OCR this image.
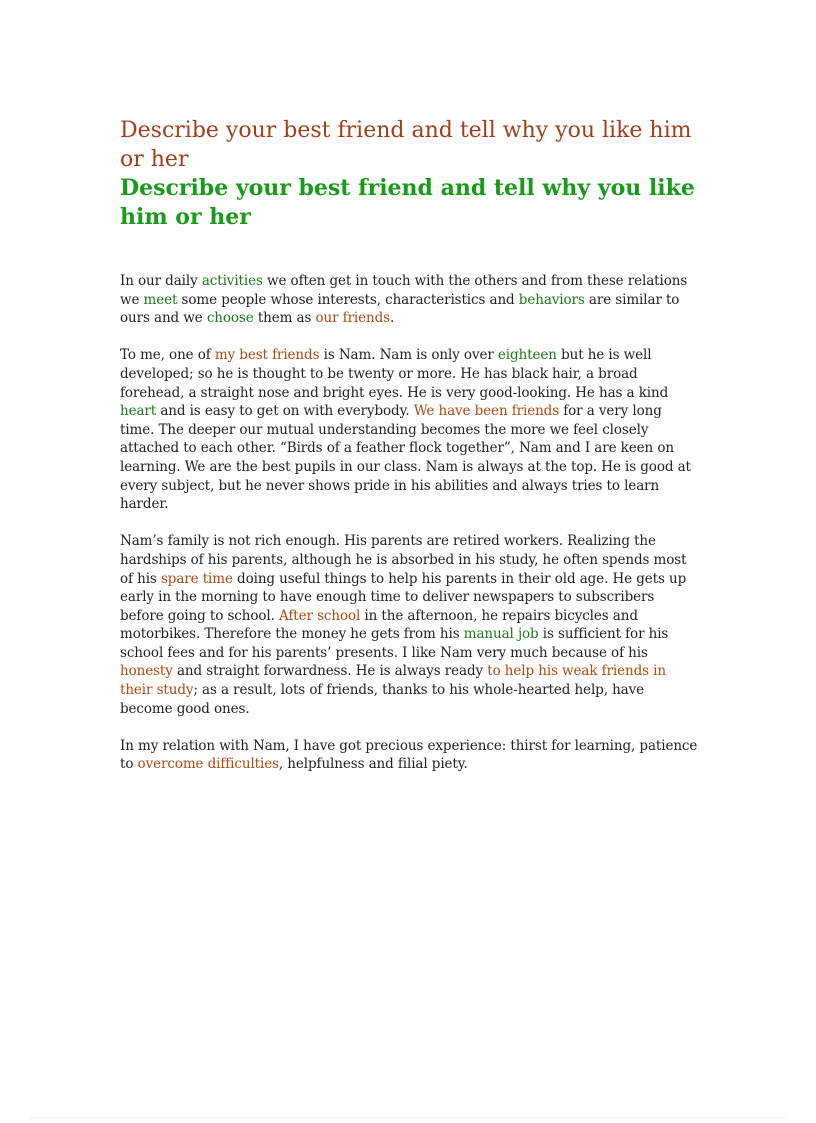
Describe your best friend and tell why you like him or her
Describe your best friend and tell why you like him or her

In our daily activities we often get in touch with the others and from these relations we meet some people whose interests, characteristics and behaviors are similar to ours and we choose them as our friends.

To me, one of my best friends is Nam. Nam is only over eighteen but he is well developed; so he is thought to be twenty or more. He has black hair, a broad forehead, a straight nose and bright eyes. He is very good-looking. He has a kind heart and is easy to get on with everybody. We have been friends for a very long time. The deeper our mutual understanding becomes the more we feel closely attached to each other. “Birds of a feather flock together”, Nam and I are keen on learning. We are the best pupils in our class. Nam is always at the top. He is good at every subject, but he never shows pride in his abilities and always tries to learn harder.

Nam’s family is not rich enough. His parents are retired workers. Realizing the hardships of his parents, although he is absorbed in his study, he often spends most of his spare time doing useful things to help his parents in their old age. He gets up early in the morning to have enough time to deliver newspapers to subscribers before going to school. After school in the afternoon, he repairs bicycles and motorbikes. Therefore the money he gets from his manual job is sufficient for his school fees and for his parents’ presents. I like Nam very much because of his honesty and straight forwardness. He is always ready to help his weak friends in their study; as a result, lots of friends, thanks to his whole-hearted help, have become good ones.

In my relation with Nam, I have got precious experience: thirst for learning, patience to overcome difficulties, helpfulness and filial piety.
